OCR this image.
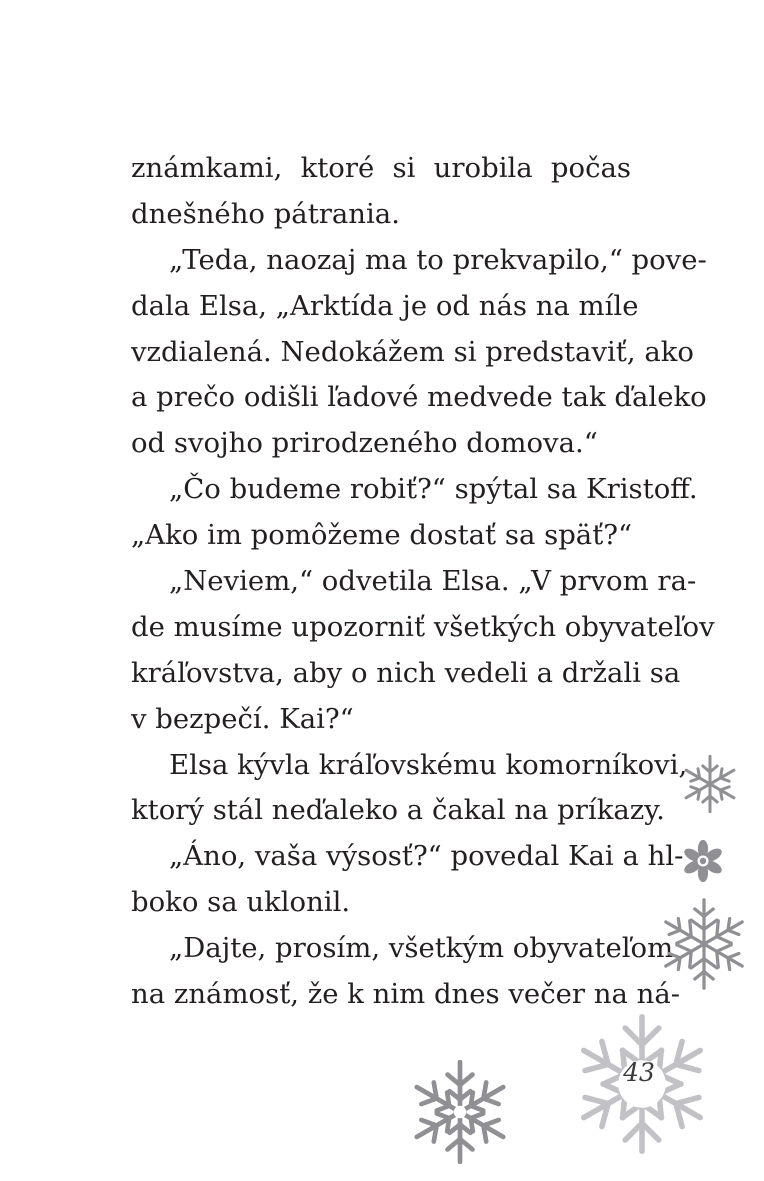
známkami, ktoré si urobila počas
dnešného pátrania.
„Teda, naozaj ma to prekvapilo,“ pove-
dala Elsa, „Arktída je od nás na míle
vzdialená. Nedokážem si predstaviť, ako
a prečo odišli ľadové medvede tak ďaleko
od svojho prirodzeného domova.“
„Čo budeme robiť?“ spýtal sa Kristoff.
„Ako im pomôžeme dostať sa späť?“
„Neviem,“ odvetila Elsa. „V prvom ra-
de musíme upozorniť všetkých obyvateľov
kráľovstva, aby o nich vedeli a držali sa
v bezpečí. Kai?“
Elsa kývla kráľovskému komorníkovi,
ktorý stál neďaleko a čakal na príkazy.
„Áno, vaša výsosť?“ povedal Kai a hl-
boko sa uklonil.
„Dajte, prosím, všetkým obyvateľom
na známosť, že k nim dnes večer na ná-
43
